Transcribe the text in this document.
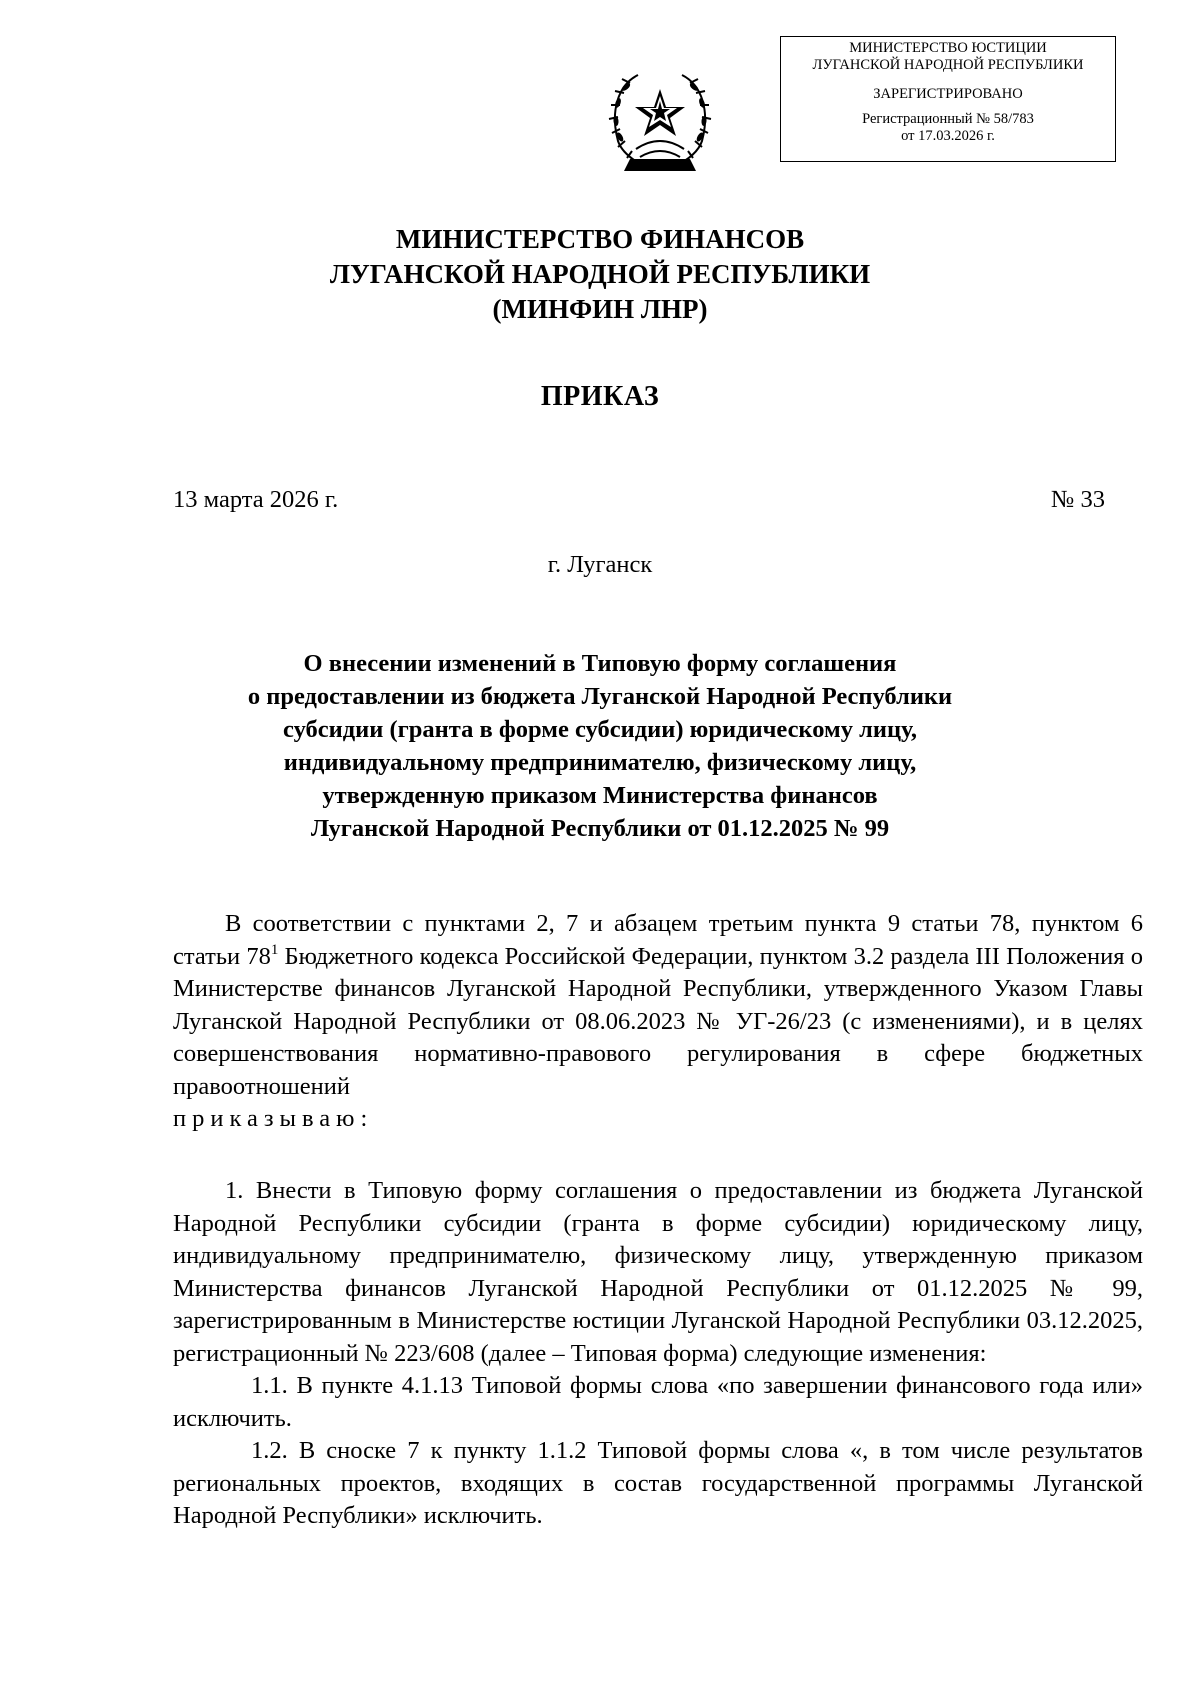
МИНИСТЕРСТВО ЮСТИЦИИ
ЛУГАНСКОЙ НАРОДНОЙ РЕСПУБЛИКИ
ЗАРЕГИСТРИРОВАНО
Регистрационный № 58/783
от 17.03.2026 г.
МИНИСТЕРСТВО ФИНАНСОВ
ЛУГАНСКОЙ НАРОДНОЙ РЕСПУБЛИКИ
(МИНФИН ЛНР)
ПРИКАЗ
13 марта 2026 г.	№ 33
г. Луганск
О внесении изменений в Типовую форму соглашения
о предоставлении из бюджета Луганской Народной Республики
субсидии (гранта в форме субсидии) юридическому лицу,
индивидуальному предпринимателю, физическому лицу,
утвержденную приказом Министерства финансов
Луганской Народной Республики от 01.12.2025 № 99

В соответствии с пунктами 2, 7 и абзацем третьим пункта 9 статьи 78, пунктом 6 статьи $78^1$ Бюджетного кодекса Российской Федерации, пунктом 3.2 раздела III Положения о Министерстве финансов Луганской Народной Республики, утвержденного Указом Главы Луганской Народной Республики от 08.06.2023 № УГ-26/23 (с изменениями), и в целях совершенствования нормативно-правового регулирования в сфере бюджетных правоотношений

приказываю:

1. Внести в Типовую форму соглашения о предоставлении из бюджета Луганской Народной Республики субсидии (гранта в форме субсидии) юридическому лицу, индивидуальному предпринимателю, физическому лицу, утвержденную приказом Министерства финансов Луганской Народной Республики от 01.12.2025 № 99, зарегистрированным в Министерстве юстиции Луганской Народной Республики 03.12.2025, регистрационный № 223/608 (далее – Типовая форма) следующие изменения:

1.1. В пункте 4.1.13 Типовой формы слова «по завершении финансового года или» исключить.

1.2. В сноске 7 к пункту 1.1.2 Типовой формы слова «, в том числе результатов региональных проектов, входящих в состав государственной программы Луганской Народной Республики» исключить.
